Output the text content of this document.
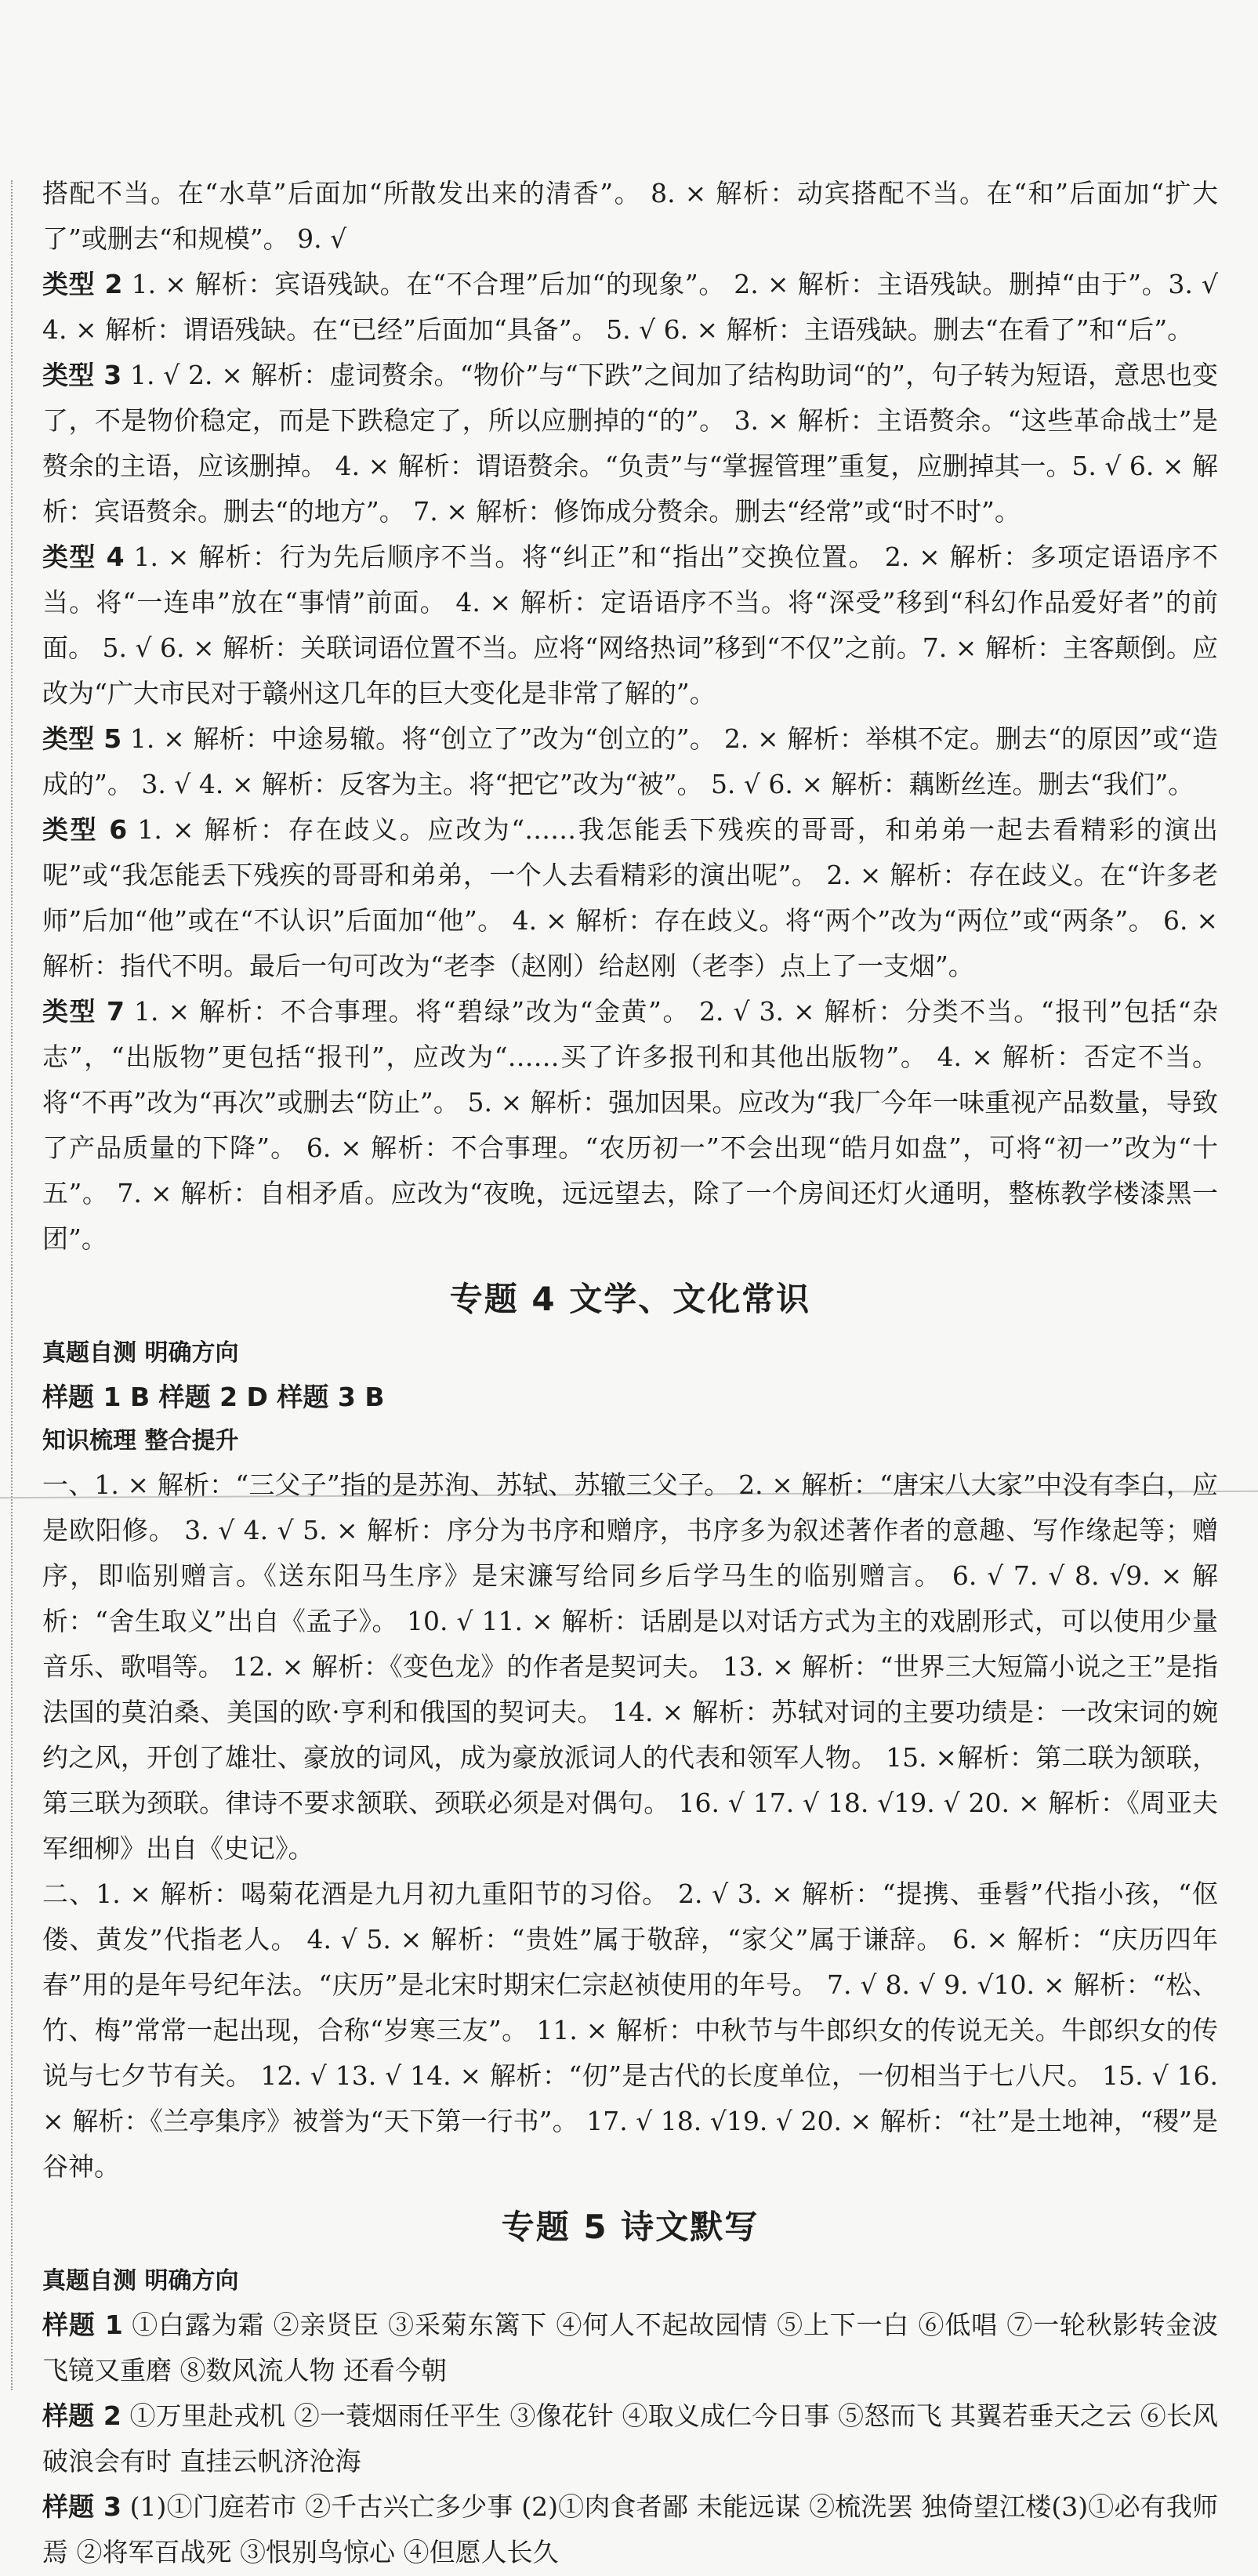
搭配不当。在“水草”后面加“所散发出来的清香”。 8. × 解析：动宾搭配不当。在“和”后面加“扩大了”或删去“和规模”。 9. √

类型 2 1. × 解析：宾语残缺。在“不合理”后加“的现象”。 2. × 解析：主语残缺。删掉“由于”。3. √ 4. × 解析：谓语残缺。在“已经”后面加“具备”。 5. √ 6. × 解析：主语残缺。删去“在看了”和“后”。

类型 3 1. √ 2. × 解析：虚词赘余。“物价”与“下跌”之间加了结构助词“的”，句子转为短语，意思也变了，不是物价稳定，而是下跌稳定了，所以应删掉的“的”。 3. × 解析：主语赘余。“这些革命战士”是赘余的主语，应该删掉。 4. × 解析：谓语赘余。“负责”与“掌握管理”重复，应删掉其一。5. √ 6. × 解析：宾语赘余。删去“的地方”。 7. × 解析：修饰成分赘余。删去“经常”或“时不时”。

类型 4 1. × 解析：行为先后顺序不当。将“纠正”和“指出”交换位置。 2. × 解析：多项定语语序不当。将“一连串”放在“事情”前面。 4. × 解析：定语语序不当。将“深受”移到“科幻作品爱好者”的前面。 5. √ 6. × 解析：关联词语位置不当。应将“网络热词”移到“不仅”之前。7. × 解析：主客颠倒。应改为“广大市民对于赣州这几年的巨大变化是非常了解的”。

类型 5 1. × 解析：中途易辙。将“创立了”改为“创立的”。 2. × 解析：举棋不定。删去“的原因”或“造成的”。 3. √ 4. × 解析：反客为主。将“把它”改为“被”。 5. √ 6. × 解析：藕断丝连。删去“我们”。

类型 6 1. × 解析：存在歧义。应改为“……我怎能丢下残疾的哥哥，和弟弟一起去看精彩的演出呢”或“我怎能丢下残疾的哥哥和弟弟，一个人去看精彩的演出呢”。 2. × 解析：存在歧义。在“许多老师”后加“他”或在“不认识”后面加“他”。 4. × 解析：存在歧义。将“两个”改为“两位”或“两条”。 6. × 解析：指代不明。最后一句可改为“老李（赵刚）给赵刚（老李）点上了一支烟”。

类型 7 1. × 解析：不合事理。将“碧绿”改为“金黄”。 2. √ 3. × 解析：分类不当。“报刊”包括“杂志”，“出版物”更包括“报刊”，应改为“……买了许多报刊和其他出版物”。 4. × 解析：否定不当。将“不再”改为“再次”或删去“防止”。 5. × 解析：强加因果。应改为“我厂今年一味重视产品数量，导致了产品质量的下降”。 6. × 解析：不合事理。“农历初一”不会出现“皓月如盘”，可将“初一”改为“十五”。 7. × 解析：自相矛盾。应改为“夜晚，远远望去，除了一个房间还灯火通明，整栋教学楼漆黑一团”。

专题 4 文学、文化常识

真题自测 明确方向

样题 1 B 样题 2 D 样题 3 B

知识梳理 整合提升

一、1. × 解析：“三父子”指的是苏洵、苏轼、苏辙三父子。 2. × 解析：“唐宋八大家”中没有李白，应是欧阳修。 3. √ 4. √ 5. × 解析：序分为书序和赠序，书序多为叙述著作者的意趣、写作缘起等；赠序，即临别赠言。《送东阳马生序》是宋濂写给同乡后学马生的临别赠言。 6. √ 7. √ 8. √9. × 解析：“舍生取义”出自《孟子》。 10. √ 11. × 解析：话剧是以对话方式为主的戏剧形式，可以使用少量音乐、歌唱等。 12. × 解析：《变色龙》的作者是契诃夫。 13. × 解析：“世界三大短篇小说之王”是指法国的莫泊桑、美国的欧·亨利和俄国的契诃夫。 14. × 解析：苏轼对词的主要功绩是：一改宋词的婉约之风，开创了雄壮、豪放的词风，成为豪放派词人的代表和领军人物。 15. ×解析：第二联为颔联，第三联为颈联。律诗不要求颔联、颈联必须是对偶句。 16. √ 17. √ 18. √19. √ 20. × 解析：《周亚夫军细柳》出自《史记》。

二、1. × 解析：喝菊花酒是九月初九重阳节的习俗。 2. √ 3. × 解析：“提携、垂髫”代指小孩，“伛偻、黄发”代指老人。 4. √ 5. × 解析：“贵姓”属于敬辞，“家父”属于谦辞。 6. × 解析：“庆历四年春”用的是年号纪年法。“庆历”是北宋时期宋仁宗赵祯使用的年号。 7. √ 8. √ 9. √10. × 解析：“松、竹、梅”常常一起出现，合称“岁寒三友”。 11. × 解析：中秋节与牛郎织女的传说无关。牛郎织女的传说与七夕节有关。 12. √ 13. √ 14. × 解析：“仞”是古代的长度单位，一仞相当于七八尺。 15. √ 16. × 解析：《兰亭集序》被誉为“天下第一行书”。 17. √ 18. √19. √ 20. × 解析：“社”是土地神，“稷”是谷神。

专题 5 诗文默写

真题自测 明确方向

样题 1 ①白露为霜 ②亲贤臣 ③采菊东篱下 ④何人不起故园情 ⑤上下一白 ⑥低唱 ⑦一轮秋影转金波 飞镜又重磨 ⑧数风流人物 还看今朝

样题 2 ①万里赴戎机 ②一蓑烟雨任平生 ③像花针 ④取义成仁今日事 ⑤怒而飞 其翼若垂天之云 ⑥长风破浪会有时 直挂云帆济沧海

样题 3 (1)①门庭若市 ②千古兴亡多少事 (2)①肉食者鄙 未能远谋 ②梳洗罢 独倚望江楼(3)①必有我师焉 ②将军百战死 ③恨别鸟惊心 ④但愿人长久
